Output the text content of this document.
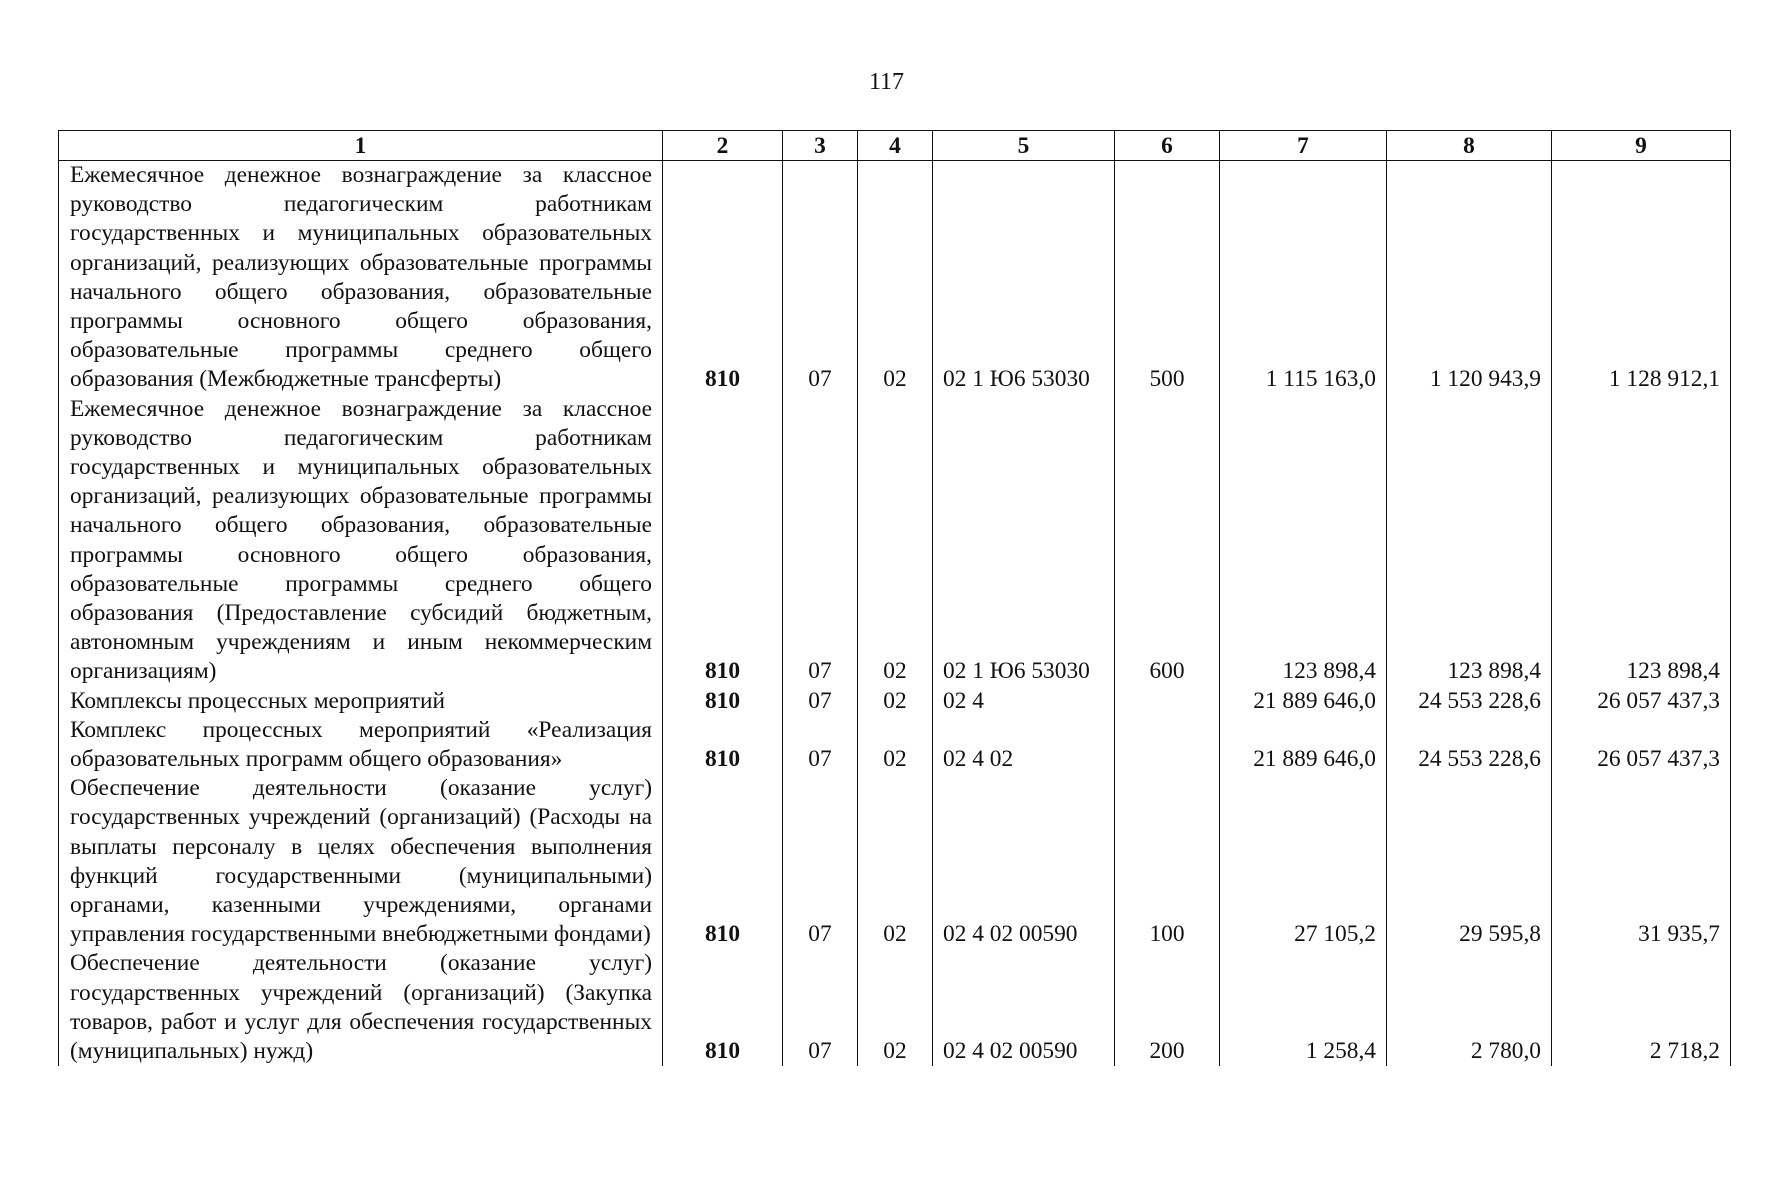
117
1	2	3	4	5	6	7	8	9
Ежемесячное денежное вознаграждение за классное руководство педагогическим работникам государственных и муниципальных образовательных организаций, реализующих образовательные программы начального общего образования, образовательные программы основного общего образования, образовательные программы среднего общего образования (Межбюджетные трансферты)	810	07	02	02 1 Ю6 53030	500	1 115 163,0	1 120 943,9	1 128 912,1
Ежемесячное денежное вознаграждение за классное руководство педагогическим работникам государственных и муниципальных образовательных организаций, реализующих образовательные программы начального общего образования, образовательные программы основного общего образования, образовательные программы среднего общего образования (Предоставление субсидий бюджетным, автономным учреждениям и иным некоммерческим организациям)	810	07	02	02 1 Ю6 53030	600	123 898,4	123 898,4	123 898,4
Комплексы процессных мероприятий	810	07	02	02 4		21 889 646,0	24 553 228,6	26 057 437,3
Комплекс процессных мероприятий «Реализация образовательных программ общего образования»	810	07	02	02 4 02		21 889 646,0	24 553 228,6	26 057 437,3
Обеспечение деятельности (оказание услуг) государственных учреждений (организаций) (Расходы на выплаты персоналу в целях обеспечения выполнения функций государственными (муниципальными) органами, казенными учреждениями, органами управления государственными внебюджетными фондами)	810	07	02	02 4 02 00590	100	27 105,2	29 595,8	31 935,7
Обеспечение деятельности (оказание услуг) государственных учреждений (организаций) (Закупка товаров, работ и услуг для обеспечения государственных (муниципальных) нужд)	810	07	02	02 4 02 00590	200	1 258,4	2 780,0	2 718,2
